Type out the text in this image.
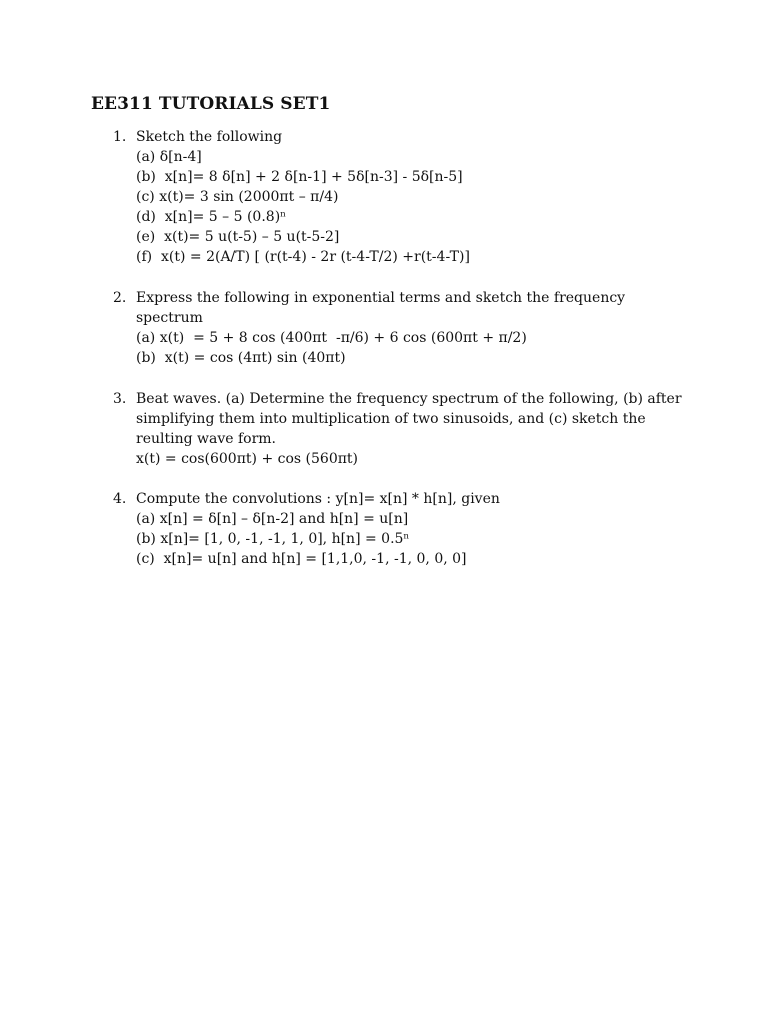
EE311 TUTORIALS SET1
1. Sketch the following
(a) δ[n-4]
(b)  x[n]= 8 δ[n] + 2 δ[n-1] + 5δ[n-3] - 5δ[n-5]
(c) x(t)= 3 sin (2000πt – π/4)
(d)  x[n]= 5 – 5 (0.8)ⁿ
(e)  x(t)= 5 u(t-5) – 5 u(t-5-2]
(f)  x(t) = 2(A/T) [ (r(t-4) - 2r (t-4-T/2) +r(t-4-T)]
2. Express the following in exponential terms and sketch the frequency
spectrum
(a) x(t)  = 5 + 8 cos (400πt  -π/6) + 6 cos (600πt + π/2)
(b)  x(t) = cos (4πt) sin (40πt)
3. Beat waves. (a) Determine the frequency spectrum of the following, (b) after
simplifying them into multiplication of two sinusoids, and (c) sketch the
reulting wave form.
x(t) = cos(600πt) + cos (560πt)
4. Compute the convolutions : y[n]= x[n] * h[n], given
(a) x[n] = δ[n] – δ[n-2] and h[n] = u[n]
(b) x[n]= [1, 0, -1, -1, 1, 0], h[n] = 0.5ⁿ
(c)  x[n]= u[n] and h[n] = [1,1,0, -1, -1, 0, 0, 0]
